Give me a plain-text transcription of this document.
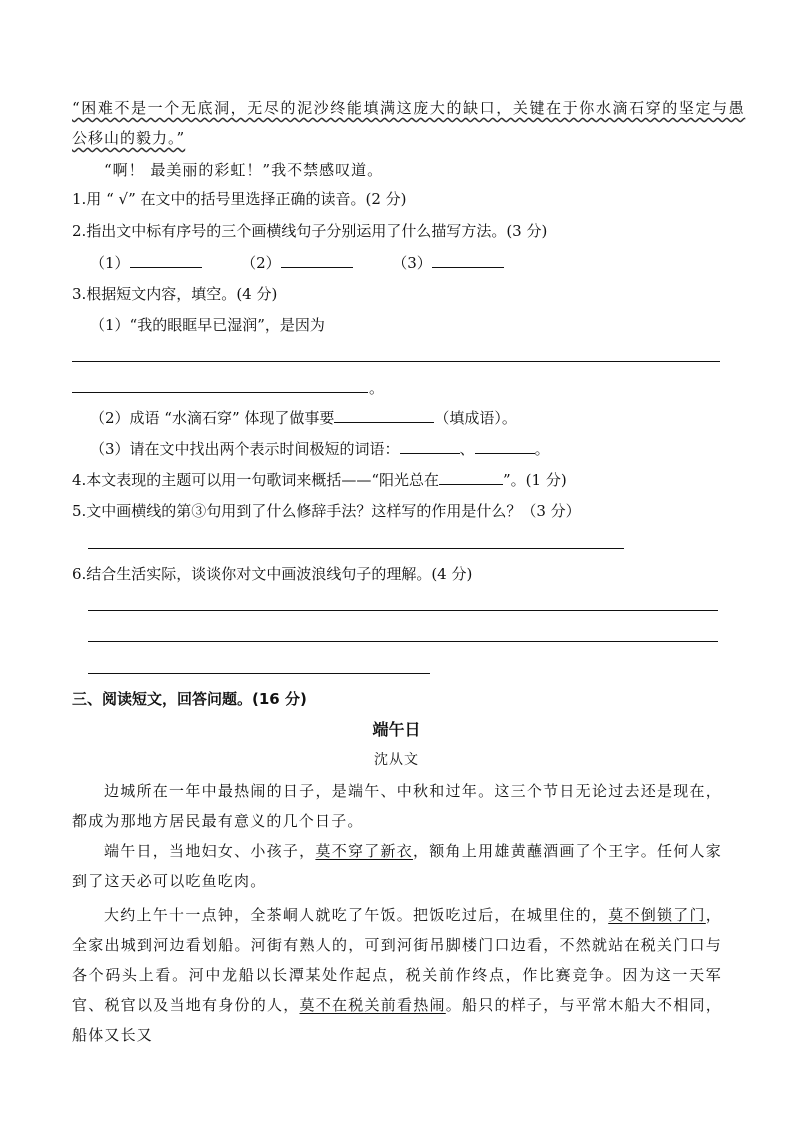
“困难不是一个无底洞，无尽的泥沙终能填满这庞大的缺口，关键在于你水滴石穿的坚定与愚
公移山的毅力。”
“啊！ 最美丽的彩虹！”我不禁感叹道。
1.用 “ √” 在文中的括号里选择正确的读音。(2 分)
2.指出文中标有序号的三个画横线句子分别运用了什么描写方法。(3 分)
（1）	（2）	（3）
3.根据短文内容，填空。(4 分)
（1）“我的眼眶早已湿润”，是因为
。
（2）成语 “水滴石穿” 体现了做事要	（填成语）。
（3）请在文中找出两个表示时间极短的词语：	、	。
4.本文表现的主题可以用一句歌词来概括——“阳光总在	”。(1 分)
5.文中画横线的第③句用到了什么修辞手法？这样写的作用是什么？（3 分）
6.结合生活实际，谈谈你对文中画波浪线句子的理解。(4 分)
三、阅读短文，回答问题。(16 分)
端午日
沈从文
边城所在一年中最热闹的日子，是端午、中秋和过年。这三个节日无论过去还是现在，都成为那地方居民最有意义的几个日子。
端午日，当地妇女、小孩子，莫不穿了新衣，额角上用雄黄蘸酒画了个王字。任何人家到了这天必可以吃鱼吃肉。
大约上午十一点钟，全茶峒人就吃了午饭。把饭吃过后，在城里住的，莫不倒锁了门，全家出城到河边看划船。河街有熟人的，可到河街吊脚楼门口边看，不然就站在税关门口与各个码头上看。河中龙船以长潭某处作起点，税关前作终点，作比赛竞争。因为这一天军官、税官以及当地有身份的人，莫不在税关前看热闹。船只的样子，与平常木船大不相同，船体又长又
